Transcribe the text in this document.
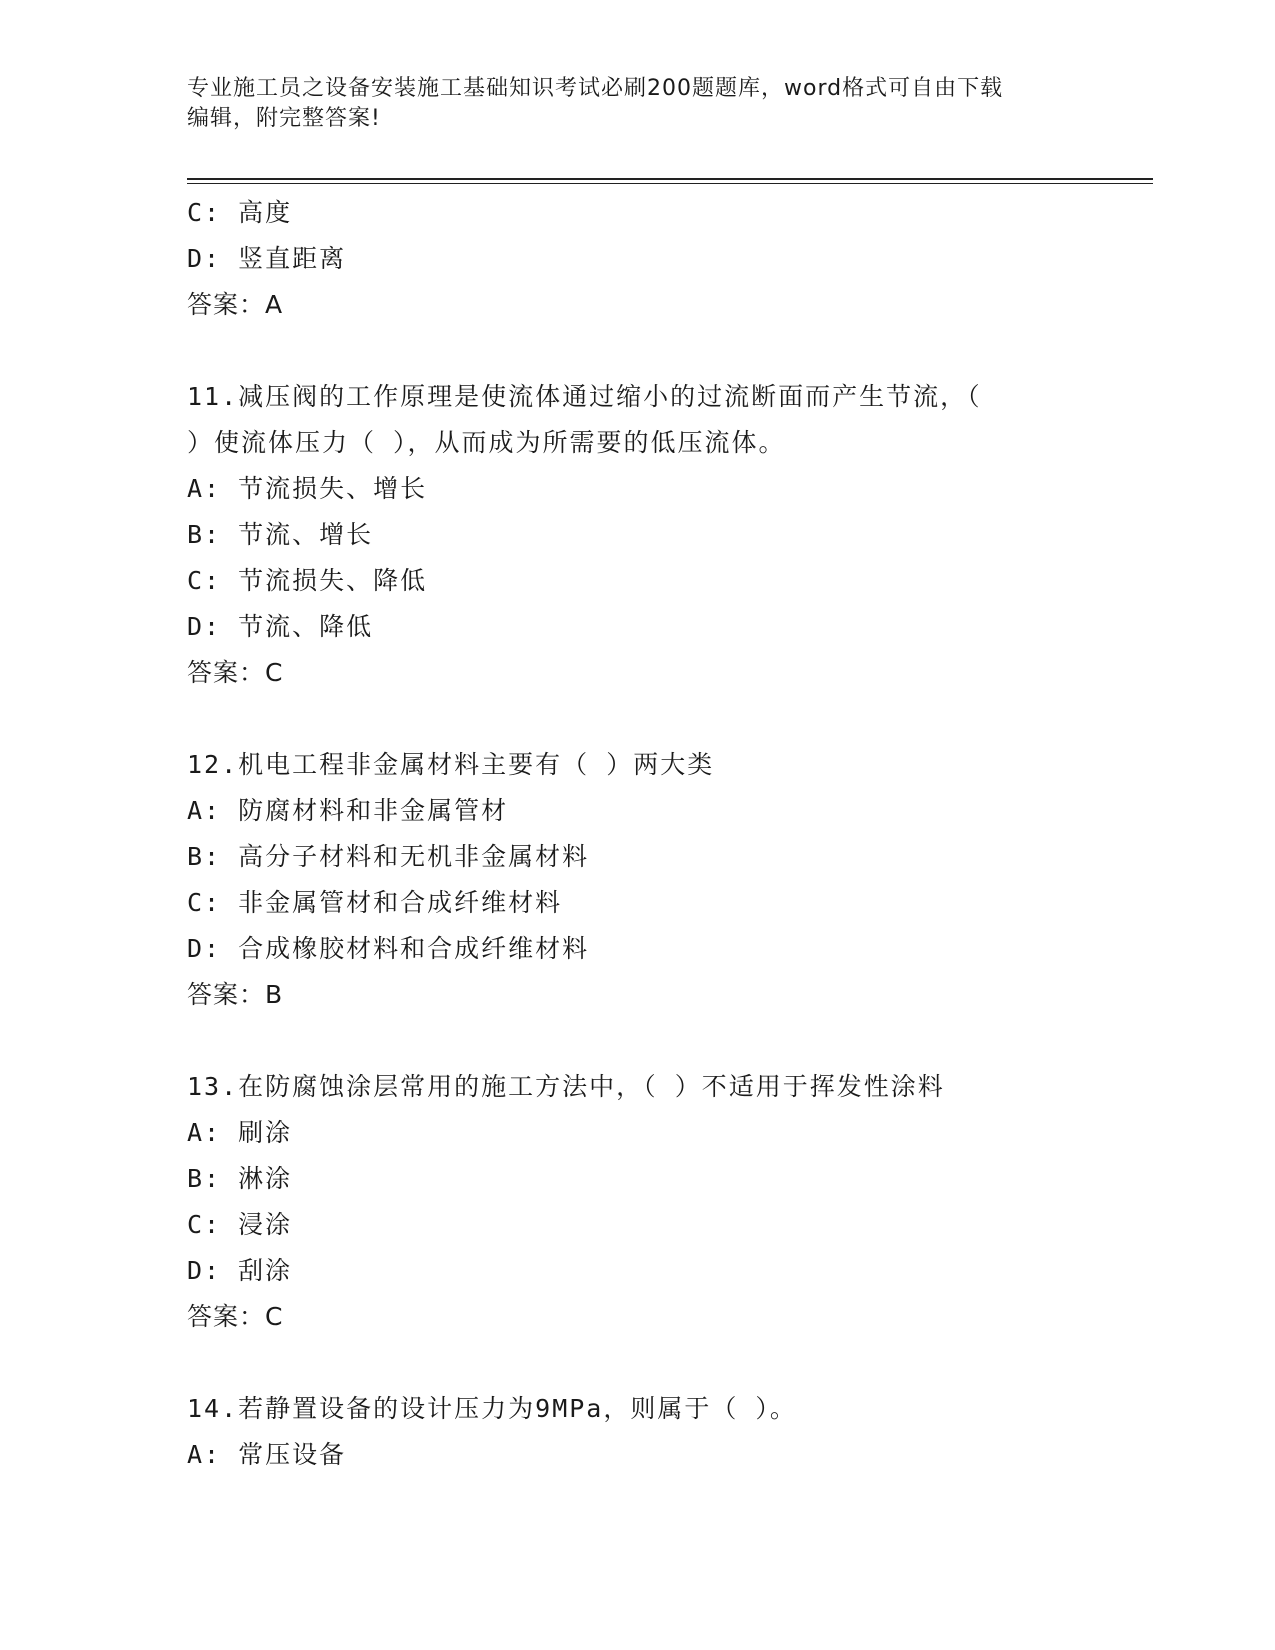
专业施工员之设备安装施工基础知识考试必刷200题题库，word格式可自由下载
编辑，附完整答案!
C: 高度
D: 竖直距离
答案：A
11.减压阀的工作原理是使流体通过缩小的过流断面而产生节流，（
）使流体压力（ ），从而成为所需要的低压流体。
A: 节流损失、增长
B: 节流、增长
C: 节流损失、降低
D: 节流、降低
答案：C
12.机电工程非金属材料主要有（ ）两大类
A: 防腐材料和非金属管材
B: 高分子材料和无机非金属材料
C: 非金属管材和合成纤维材料
D: 合成橡胶材料和合成纤维材料
答案：B
13.在防腐蚀涂层常用的施工方法中，（ ）不适用于挥发性涂料
A: 刷涂
B: 淋涂
C: 浸涂
D: 刮涂
答案：C
14.若静置设备的设计压力为9MPa，则属于（ ）。
A: 常压设备
